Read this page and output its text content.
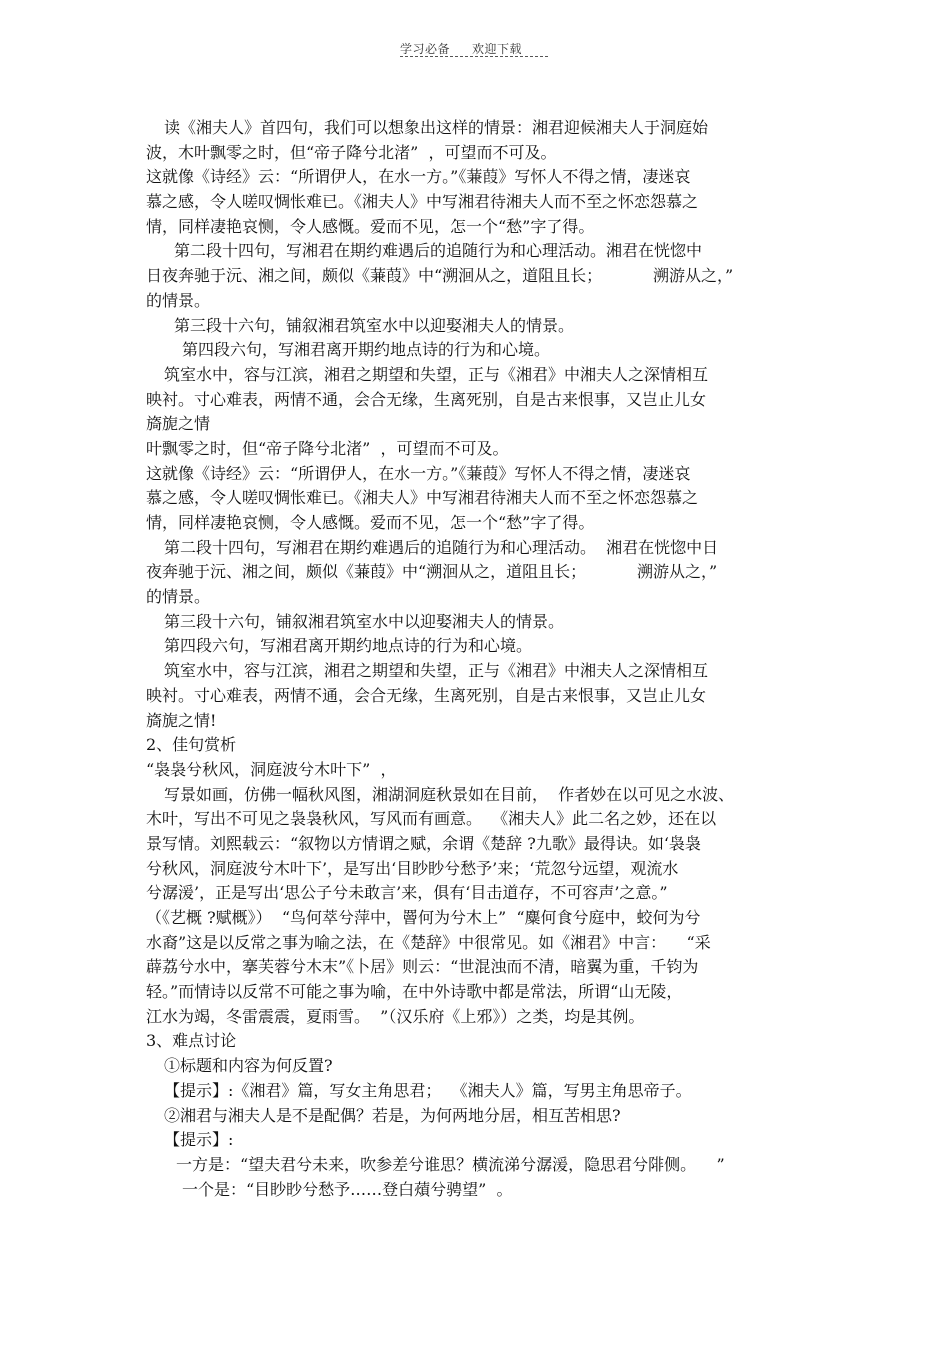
学习必备 欢迎下载
读《湘夫人》首四句，我们可以想象出这样的情景：湘君迎候湘夫人于洞庭始
波，木叶飘零之时，但“帝子降兮北渚”  ，可望而不可及。
这就像《诗经》云：“所谓伊人，在水一方。”《蒹葭》写怀人不得之情，凄迷哀
慕之感，令人嗟叹惆怅难已。《湘夫人》中写湘君待湘夫人而不至之怀恋怨慕之
情，同样凄艳哀恻，令人感慨。爱而不见，怎一个“愁”字了得。
第二段十四句，写湘君在期约难遇后的追随行为和心理活动。湘君在恍惚中
日夜奔驰于沅、湘之间，颇似《蒹葭》中“溯洄从之，道阻且长；          溯游从之，”
的情景。
第三段十六句，铺叙湘君筑室水中以迎娶湘夫人的情景。
第四段六句，写湘君离开期约地点诗的行为和心境。
筑室水中，容与江滨，湘君之期望和失望，正与《湘君》中湘夫人之深情相互
映衬。寸心难表，两情不通，会合无缘，生离死别，自是古来恨事，又岂止儿女
旖旎之情
叶飘零之时，但“帝子降兮北渚”  ，可望而不可及。
这就像《诗经》云：“所谓伊人，在水一方。”《蒹葭》写怀人不得之情，凄迷哀
慕之感，令人嗟叹惆怅难已。《湘夫人》中写湘君待湘夫人而不至之怀恋怨慕之
情，同样凄艳哀恻，令人感慨。爱而不见，怎一个“愁”字了得。
第二段十四句，写湘君在期约难遇后的追随行为和心理活动。  湘君在恍惚中日
夜奔驰于沅、湘之间，颇似《蒹葭》中“溯洄从之，道阻且长；          溯游从之，”
的情景。
第三段十六句，铺叙湘君筑室水中以迎娶湘夫人的情景。
第四段六句，写湘君离开期约地点诗的行为和心境。
筑室水中，容与江滨，湘君之期望和失望，正与《湘君》中湘夫人之深情相互
映衬。寸心难表，两情不通，会合无缘，生离死别，自是古来恨事，又岂止儿女
旖旎之情!
2、佳句赏析
“袅袅兮秋风，洞庭波兮木叶下”  ，
写景如画，仿佛一幅秋风图，湘湖洞庭秋景如在目前，  作者妙在以可见之水波、
木叶，写出不可见之袅袅秋风，写风而有画意。  《湘夫人》此二名之妙，还在以
景写情。刘熙载云：“叙物以方情谓之赋，余谓《楚辞 ?九歌》最得诀。如‘袅袅
兮秋风，洞庭波兮木叶下’，是写出‘目眇眇兮愁予’来；‘荒忽兮远望，观流水
兮潺湲’，正是写出‘思公子兮未敢言’来，俱有‘目击道存，不可容声’之意。”
（《艺概 ?赋概》）  “鸟何萃兮萍中，罾何为兮木上”  “麋何食兮庭中，蛟何为兮
水裔”这是以反常之事为喻之法，在《楚辞》中很常见。如《湘君》中言：    “采
薜荔兮水中，搴芙蓉兮木末”《卜居》则云：“世混浊而不清，暗翼为重，千钧为
轻。”而情诗以反常不可能之事为喻，在中外诗歌中都是常法，所谓“山无陵，
江水为竭，冬雷震震，夏雨雪。  ”（汉乐府《上邪》）之类，均是其例。
3、难点讨论
①标题和内容为何反置?
【提示】:《湘君》篇，写女主角思君；  《湘夫人》篇，写男主角思帝子。
②湘君与湘夫人是不是配偶？若是，为何两地分居，相互苦相思?
【提示】:
一方是：“望夫君兮未来，吹参差兮谁思？横流涕兮潺湲，隐思君兮陫侧。    ”
一个是：“目眇眇兮愁予……登白薠兮骋望”  。
